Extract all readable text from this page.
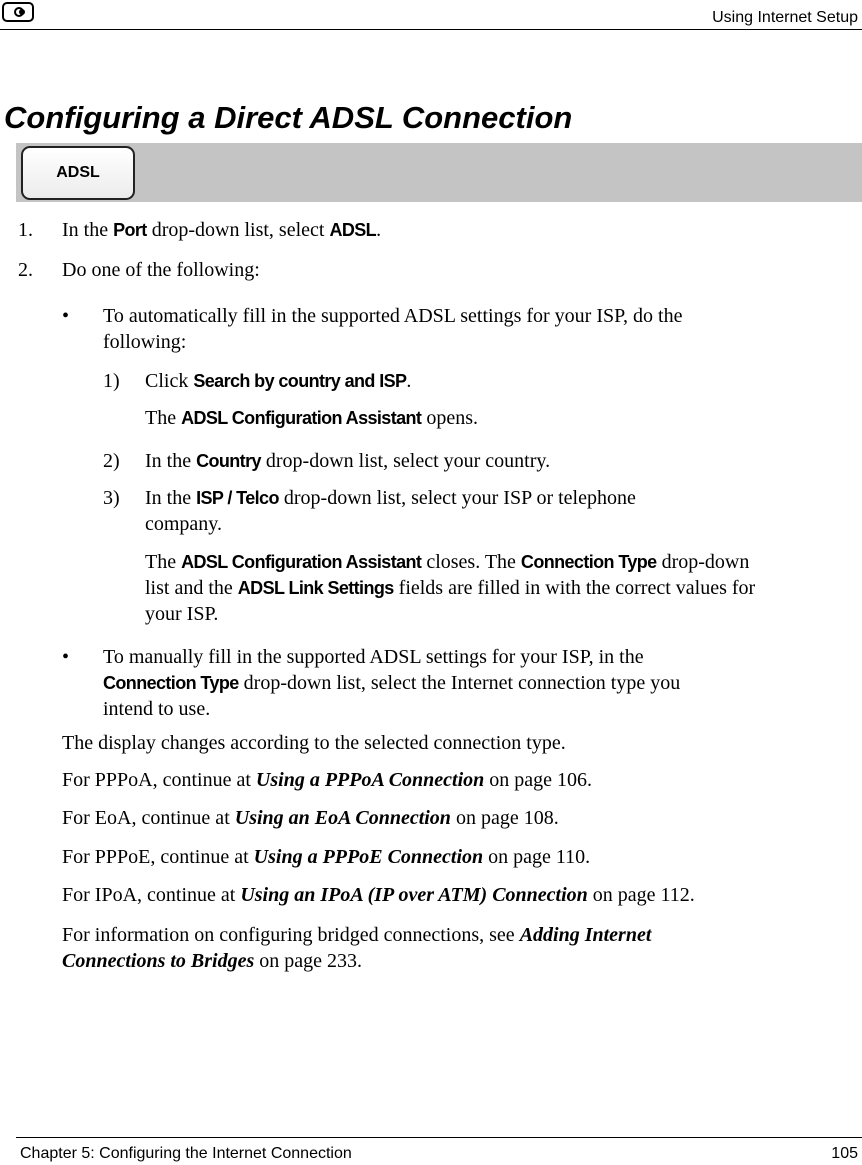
Using Internet Setup
Configuring a Direct ADSL Connection
ADSL
1. In the Port drop-down list, select ADSL.
2. Do one of the following:
• To automatically fill in the supported ADSL settings for your ISP, do the
following:
1) Click Search by country and ISP.
The ADSL Configuration Assistant opens.
2) In the Country drop-down list, select your country.
3) In the ISP / Telco drop-down list, select your ISP or telephone
company.
The ADSL Configuration Assistant closes. The Connection Type drop-down
list and the ADSL Link Settings fields are filled in with the correct values for
your ISP.
• To manually fill in the supported ADSL settings for your ISP, in the
Connection Type drop-down list, select the Internet connection type you
intend to use.
The display changes according to the selected connection type.
For PPPoA, continue at Using a PPPoA Connection on page 106.
For EoA, continue at Using an EoA Connection on page 108.
For PPPoE, continue at Using a PPPoE Connection on page 110.
For IPoA, continue at Using an IPoA (IP over ATM) Connection on page 112.
For information on configuring bridged connections, see Adding Internet
Connections to Bridges on page 233.
Chapter 5: Configuring the Internet Connection	105
